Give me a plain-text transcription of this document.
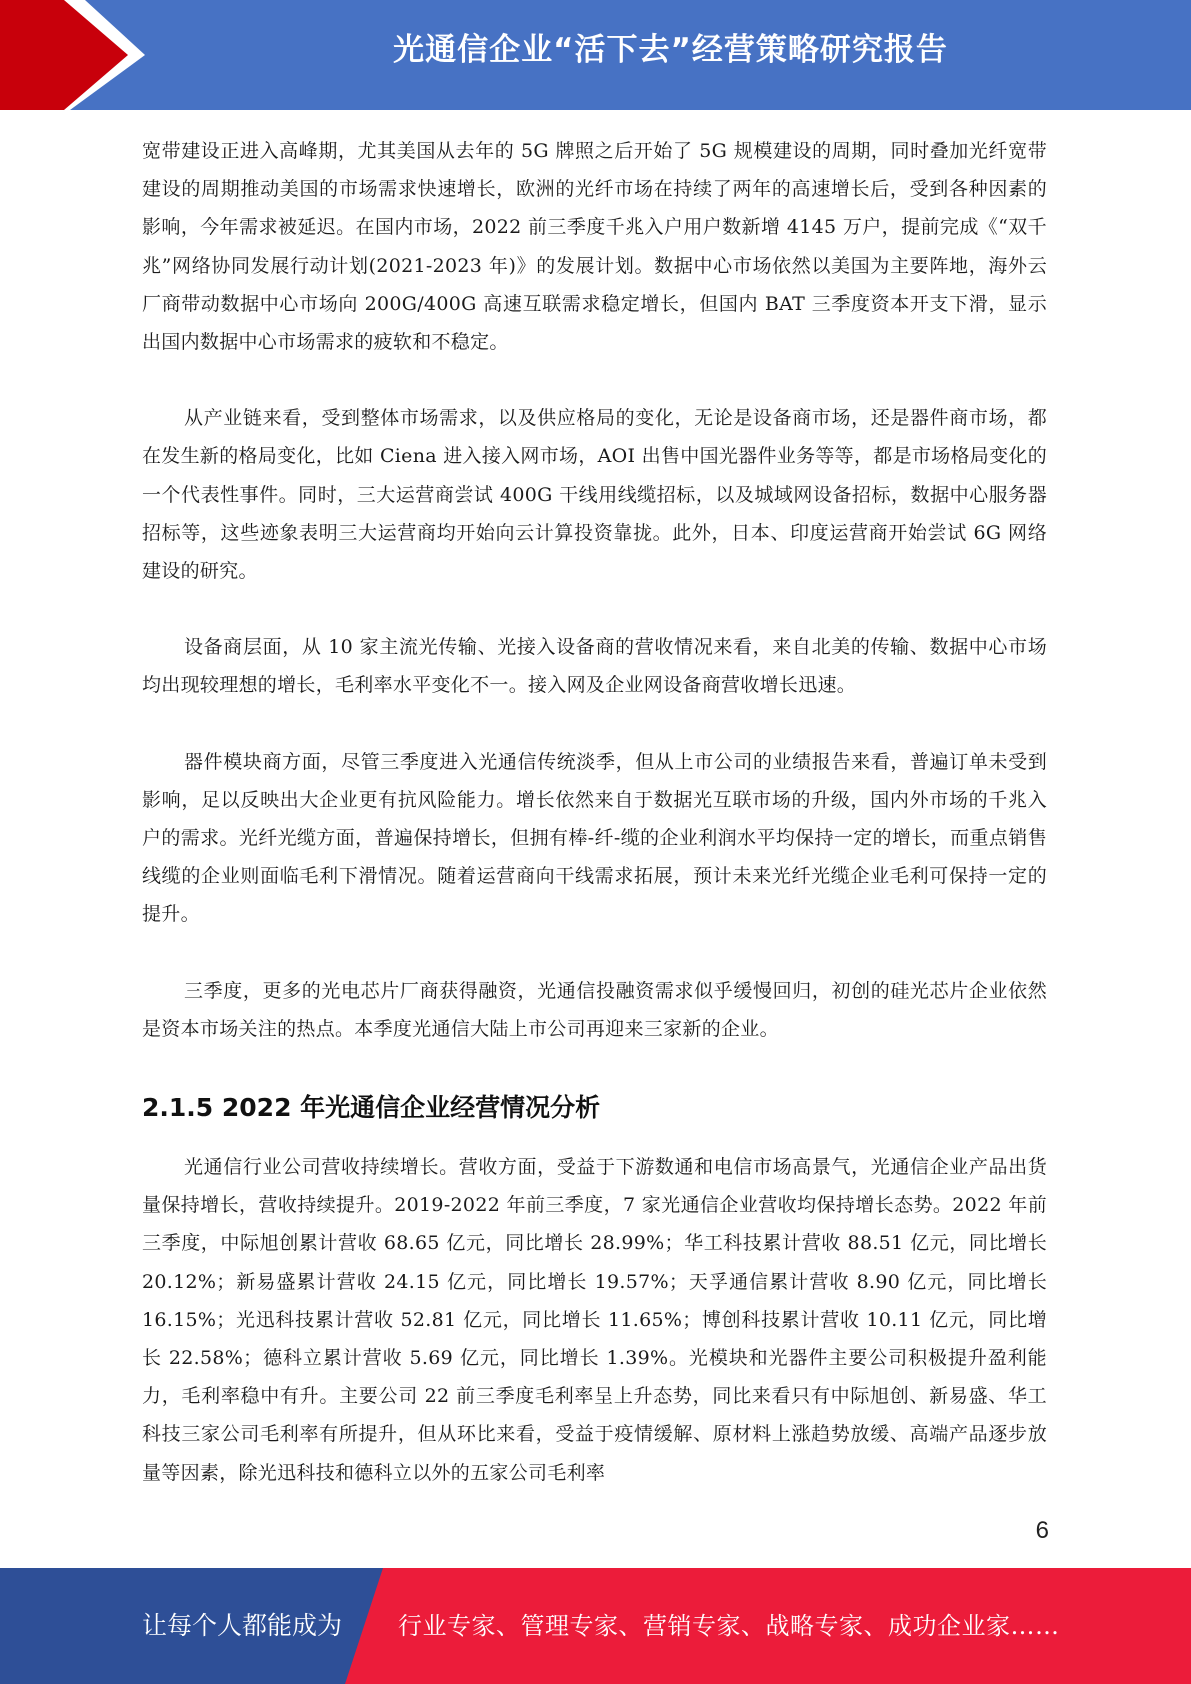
光通信企业“活下去”经营策略研究报告

宽带建设正进入高峰期，尤其美国从去年的 5G 牌照之后开始了 5G 规模建设的周期，同时叠加光纤宽带建设的周期推动美国的市场需求快速增长，欧洲的光纤市场在持续了两年的高速增长后，受到各种因素的影响，今年需求被延迟。在国内市场，2022 前三季度千兆入户用户数新增 4145 万户，提前完成《“双千兆”网络协同发展行动计划(2021-2023 年)》的发展计划。数据中心市场依然以美国为主要阵地，海外云厂商带动数据中心市场向 200G/400G 高速互联需求稳定增长，但国内 BAT 三季度资本开支下滑，显示出国内数据中心市场需求的疲软和不稳定。

从产业链来看，受到整体市场需求，以及供应格局的变化，无论是设备商市场，还是器件商市场，都在发生新的格局变化，比如 Ciena 进入接入网市场，AOI 出售中国光器件业务等等，都是市场格局变化的一个代表性事件。同时，三大运营商尝试 400G 干线用线缆招标，以及城域网设备招标，数据中心服务器招标等，这些迹象表明三大运营商均开始向云计算投资靠拢。此外，日本、印度运营商开始尝试 6G 网络建设的研究。

设备商层面，从 10 家主流光传输、光接入设备商的营收情况来看，来自北美的传输、数据中心市场均出现较理想的增长，毛利率水平变化不一。接入网及企业网设备商营收增长迅速。

器件模块商方面，尽管三季度进入光通信传统淡季，但从上市公司的业绩报告来看，普遍订单未受到影响，足以反映出大企业更有抗风险能力。增长依然来自于数据光互联市场的升级，国内外市场的千兆入户的需求。光纤光缆方面，普遍保持增长，但拥有棒-纤-缆的企业利润水平均保持一定的增长，而重点销售线缆的企业则面临毛利下滑情况。随着运营商向干线需求拓展，预计未来光纤光缆企业毛利可保持一定的提升。

三季度，更多的光电芯片厂商获得融资，光通信投融资需求似乎缓慢回归，初创的硅光芯片企业依然是资本市场关注的热点。本季度光通信大陆上市公司再迎来三家新的企业。

2.1.5 2022 年光通信企业经营情况分析

光通信行业公司营收持续增长。营收方面，受益于下游数通和电信市场高景气，光通信企业产品出货量保持增长，营收持续提升。2019-2022 年前三季度，7 家光通信企业营收均保持增长态势。2022 年前三季度，中际旭创累计营收 68.65 亿元，同比增长 28.99%；华工科技累计营收 88.51 亿元，同比增长 20.12%；新易盛累计营收 24.15 亿元，同比增长 19.57%；天孚通信累计营收 8.90 亿元，同比增长 16.15%；光迅科技累计营收 52.81 亿元，同比增长 11.65%；博创科技累计营收 10.11 亿元，同比增长 22.58%；德科立累计营收 5.69 亿元，同比增长 1.39%。光模块和光器件主要公司积极提升盈利能力，毛利率稳中有升。主要公司 22 前三季度毛利率呈上升态势，同比来看只有中际旭创、新易盛、华工科技三家公司毛利率有所提升，但从环比来看，受益于疫情缓解、原材料上涨趋势放缓、高端产品逐步放量等因素，除光迅科技和德科立以外的五家公司毛利率

6
让每个人都能成为 行业专家、管理专家、营销专家、战略专家、成功企业家……
